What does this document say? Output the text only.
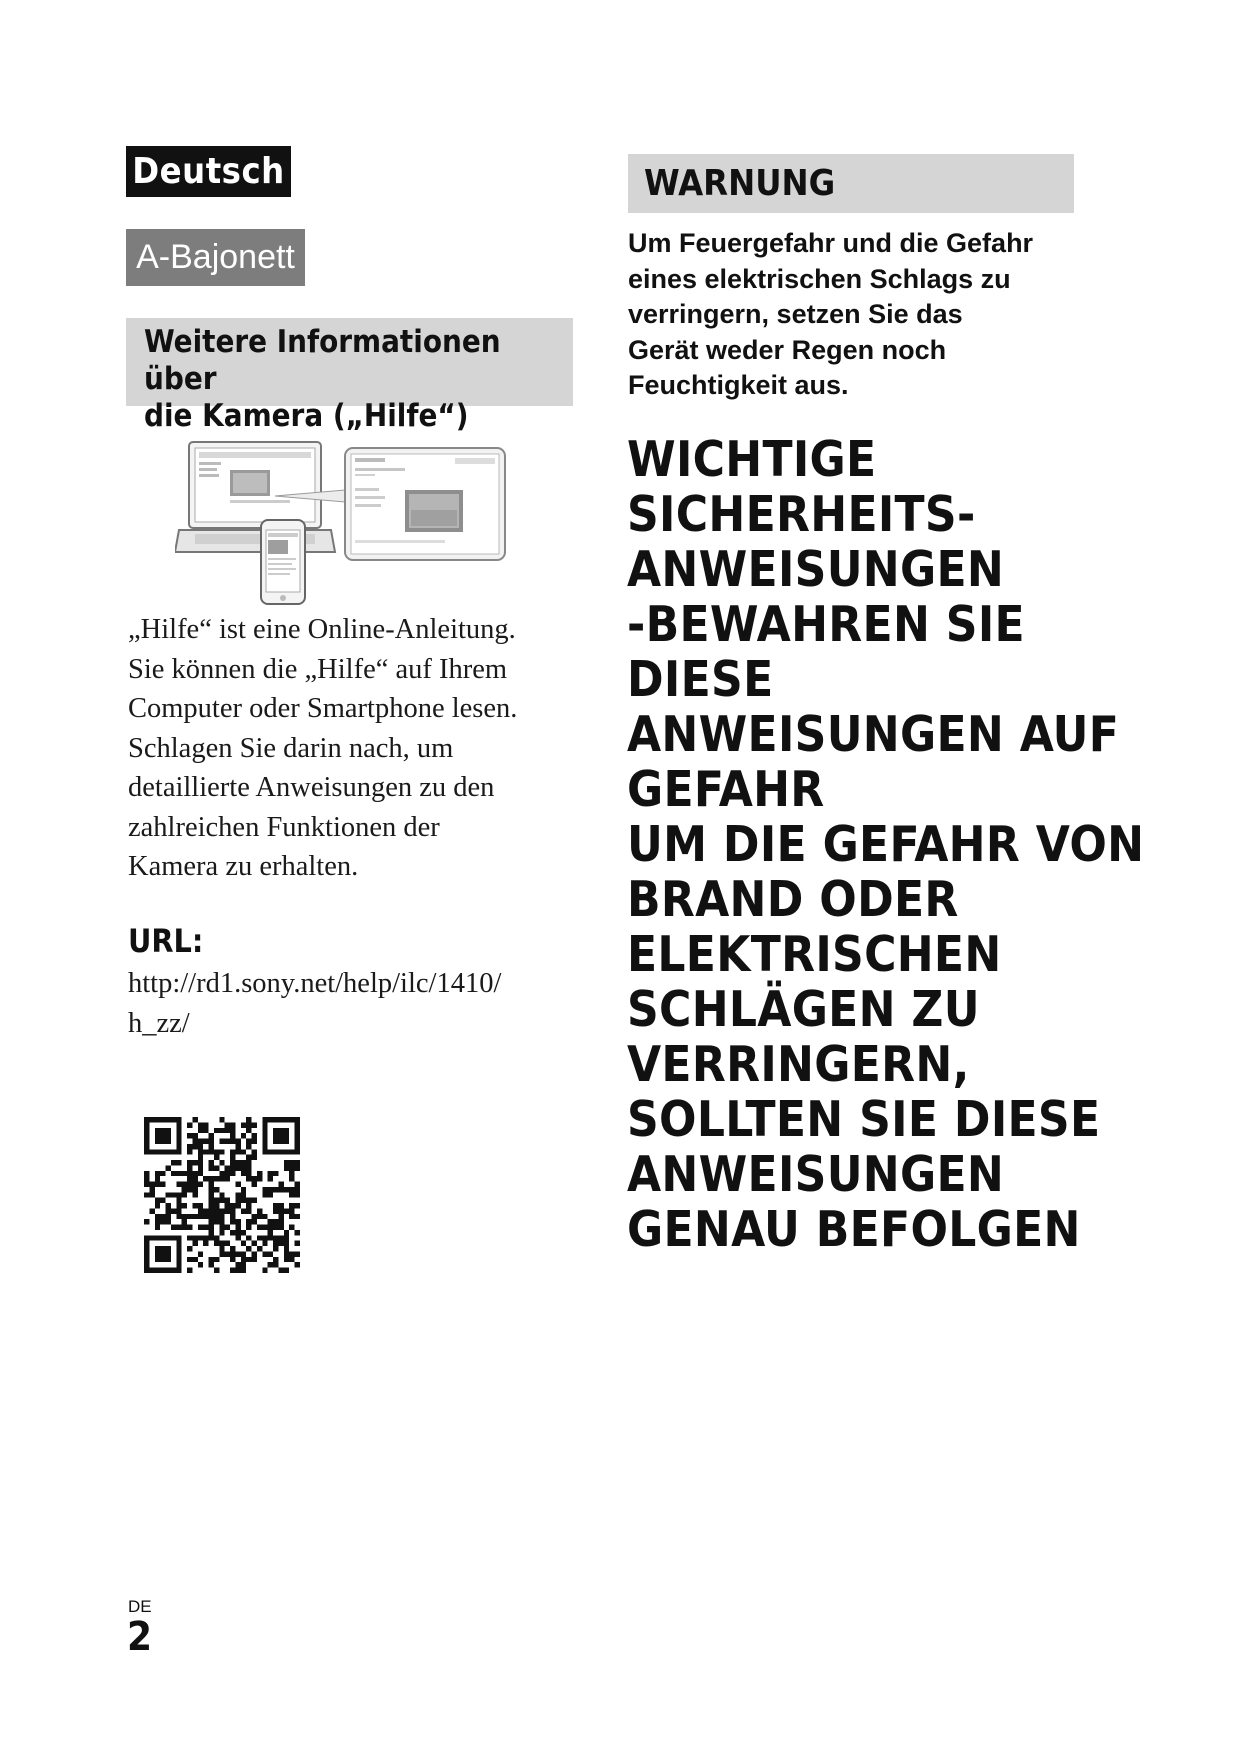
Deutsch
A-Bajonett
Weitere Informationen über
die Kamera („Hilfe“)
„Hilfe“ ist eine Online-Anleitung.
Sie können die „Hilfe“ auf Ihrem
Computer oder Smartphone lesen.
Schlagen Sie darin nach, um
detaillierte Anweisungen zu den
zahlreichen Funktionen der
Kamera zu erhalten.
URL:
http://rd1.sony.net/help/ilc/1410/
h_zz/
WARNUNG
Um Feuergefahr und die Gefahr
eines elektrischen Schlags zu
verringern, setzen Sie das
Gerät weder Regen noch
Feuchtigkeit aus.
WICHTIGE
SICHERHEITS-
ANWEISUNGEN
-BEWAHREN SIE
DIESE
ANWEISUNGEN AUF
GEFAHR
UM DIE GEFAHR VON
BRAND ODER
ELEKTRISCHEN
SCHLÄGEN ZU
VERRINGERN,
SOLLTEN SIE DIESE
ANWEISUNGEN
GENAU BEFOLGEN
DE
2
